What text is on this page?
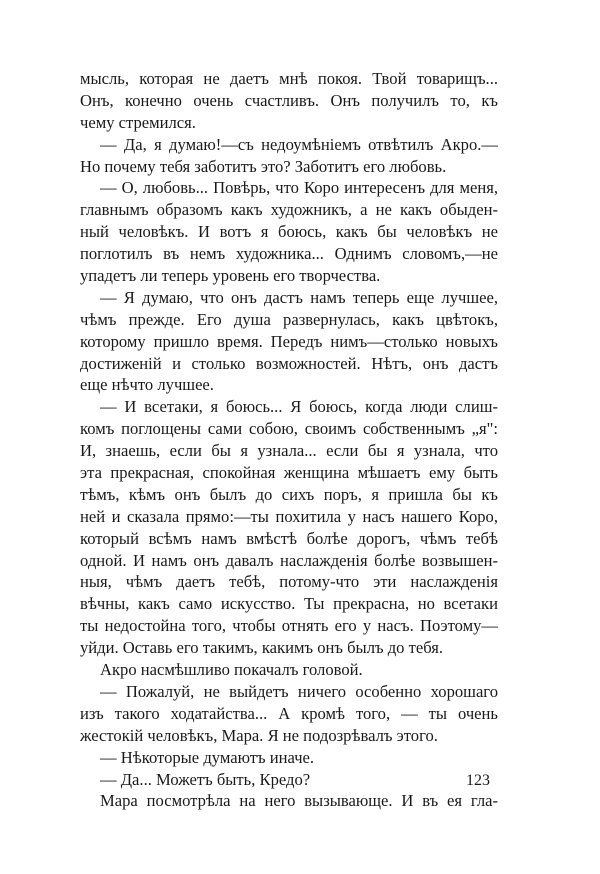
мысль, которая не даетъ мнѣ покоя. Твой товарищъ...
Онъ, конечно очень счастливъ. Онъ получилъ то, къ
чему стремился.
— Да, я думаю!—съ недоумѣніемъ отвѣтилъ Акро.—
Но почему тебя заботитъ это? Заботитъ его любовь.
— О, любовь... Повѣрь, что Коро интересенъ для меня,
главнымъ образомъ какъ художникъ, а не какъ обыден-
ный человѣкъ. И вотъ я боюсь, какъ бы человѣкъ не
поглотилъ въ немъ художника... Однимъ словомъ,—не
упадетъ ли теперь уровень его творчества.
— Я думаю, что онъ дастъ намъ теперь еще лучшее,
чѣмъ прежде. Его душа развернулась, какъ цвѣтокъ,
которому пришло время. Передъ нимъ—столько новыхъ
достиженій и столько возможностей. Нѣтъ, онъ дастъ
еще нѣчто лучшее.
— И всетаки, я боюсь... Я боюсь, когда люди слиш-
комъ поглощены сами собою, своимъ собственнымъ „я":
И, знаешь, если бы я узнала... если бы я узнала, что
эта прекрасная, спокойная женщина мѣшаетъ ему быть
тѣмъ, кѣмъ онъ былъ до сихъ поръ, я пришла бы къ
ней и сказала прямо:—ты похитила у насъ нашего Коро,
который всѣмъ намъ вмѣстѣ болѣе дорогъ, чѣмъ тебѣ
одной. И намъ онъ давалъ наслажденія болѣе возвышен-
ныя, чѣмъ даетъ тебѣ, потому-что эти наслажденія
вѣчны, какъ само искусство. Ты прекрасна, но всетаки
ты недостойна того, чтобы отнять его у насъ. Поэтому—
уйди. Оставь его такимъ, какимъ онъ былъ до тебя.
Акро насмѣшливо покачалъ головой.
— Пожалуй, не выйдетъ ничего особенно хорошаго
изъ такого ходатайства... А кромѣ того, — ты очень
жестокій человѣкъ, Мара. Я не подозрѣвалъ этого.
— Нѣкоторые думаютъ иначе.
— Да... Можетъ быть, Кредо?
Мара посмотрѣла на него вызывающе. И въ ея гла-
123
